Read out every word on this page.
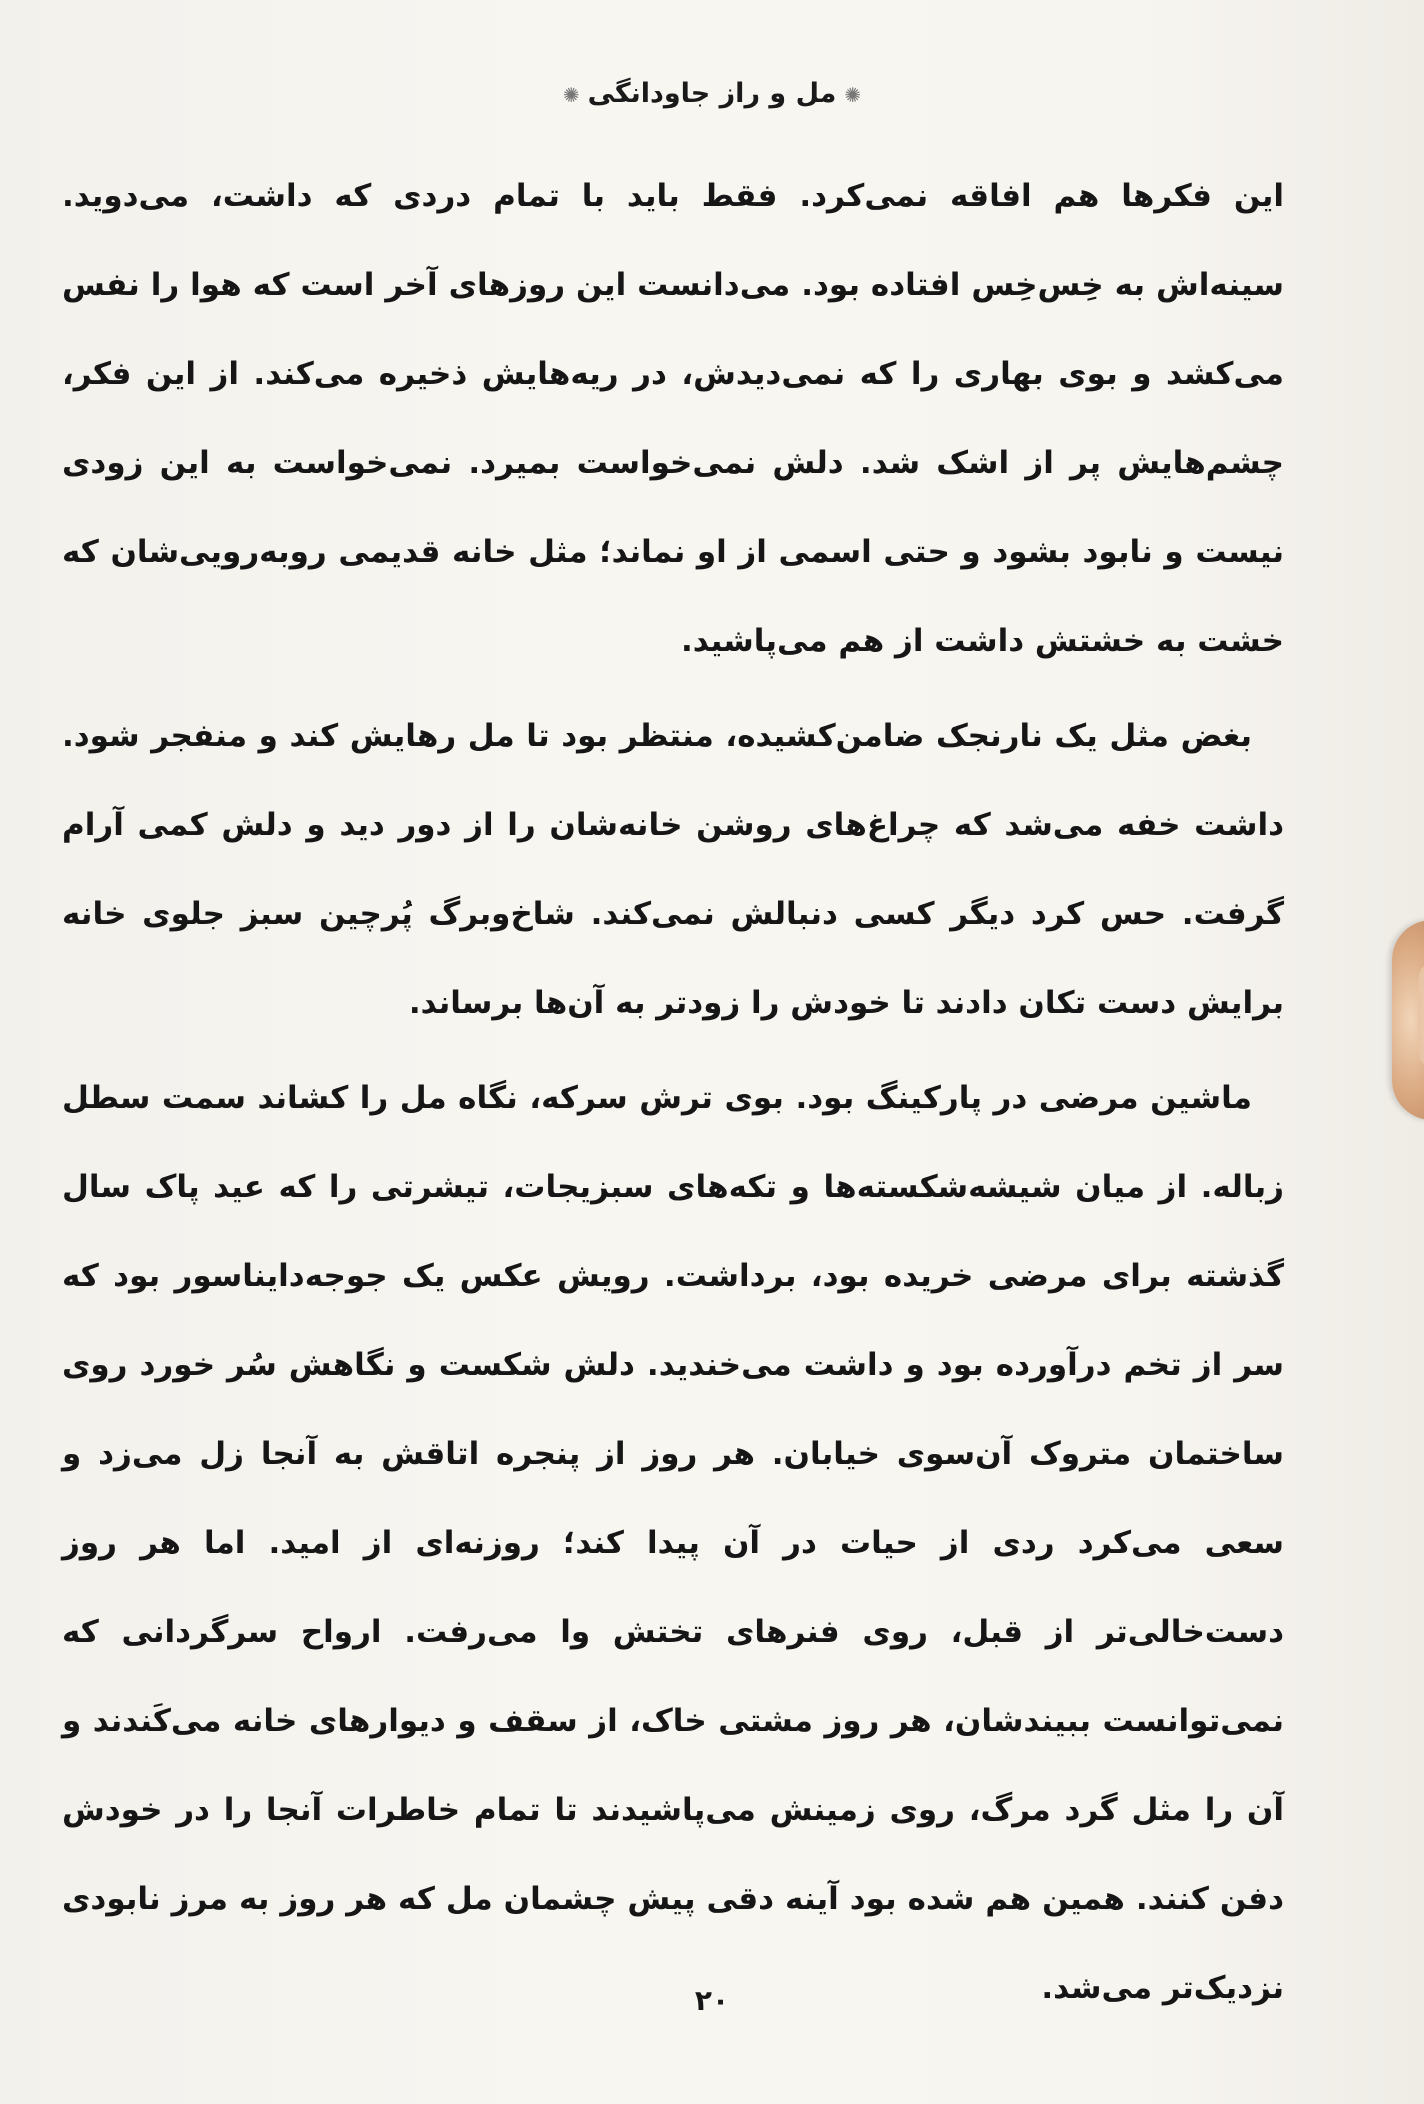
✺مل و راز جاودانگی✺

این فکرها هم افاقه نمی‌کرد. فقط باید با تمام دردی که داشت، می‌دوید. سینه‌اش به خِس‌خِس افتاده بود. می‌دانست این روزهای آخر است که هوا را نفس می‌کشد و بوی بهاری را که نمی‌دیدش، در ریه‌هایش ذخیره می‌کند. از این فکر، چشم‌هایش پر از اشک شد. دلش نمی‌خواست بمیرد. نمی‌خواست به این زودی نیست و نابود بشود و حتی اسمی از او نماند؛ مثل خانه قدیمی روبه‌رویی‌شان که خشت به خشتش داشت از هم می‌پاشید.

بغض مثل یک نارنجک ضامن‌کشیده، منتظر بود تا مل رهایش کند و منفجر شود. داشت خفه می‌شد که چراغ‌های روشن خانه‌شان را از دور دید و دلش کمی آرام گرفت. حس کرد دیگر کسی دنبالش نمی‌کند. شاخ‌وبرگ پُرچین سبز جلوی خانه برایش دست تکان دادند تا خودش را زودتر به آن‌ها برساند.

ماشین مرضی در پارکینگ بود. بوی ترش سرکه، نگاه مل را کشاند سمت سطل زباله. از میان شیشه‌شکسته‌ها و تکه‌های سبزیجات، تیشرتی را که عید پاک سال گذشته برای مرضی خریده بود، برداشت. رویش عکس یک جوجه‌دایناسور بود که سر از تخم درآورده بود و داشت می‌خندید. دلش شکست و نگاهش سُر خورد روی ساختمان متروک آن‌سوی خیابان. هر روز از پنجره اتاقش به آنجا زل می‌زد و سعی می‌کرد ردی از حیات در آن پیدا کند؛ روزنه‌ای از امید. اما هر روز دست‌خالی‌تر از قبل، روی فنرهای تختش وا می‌رفت. ارواح سرگردانی که نمی‌توانست ببیندشان، هر روز مشتی خاک، از سقف و دیوارهای خانه می‌کَندند و آن را مثل گرد مرگ، روی زمینش می‌پاشیدند تا تمام خاطرات آنجا را در خودش دفن کنند. همین هم شده بود آینه دقی پیش چشمان مل که هر روز به مرز نابودی نزدیک‌تر می‌شد.

۲۰
